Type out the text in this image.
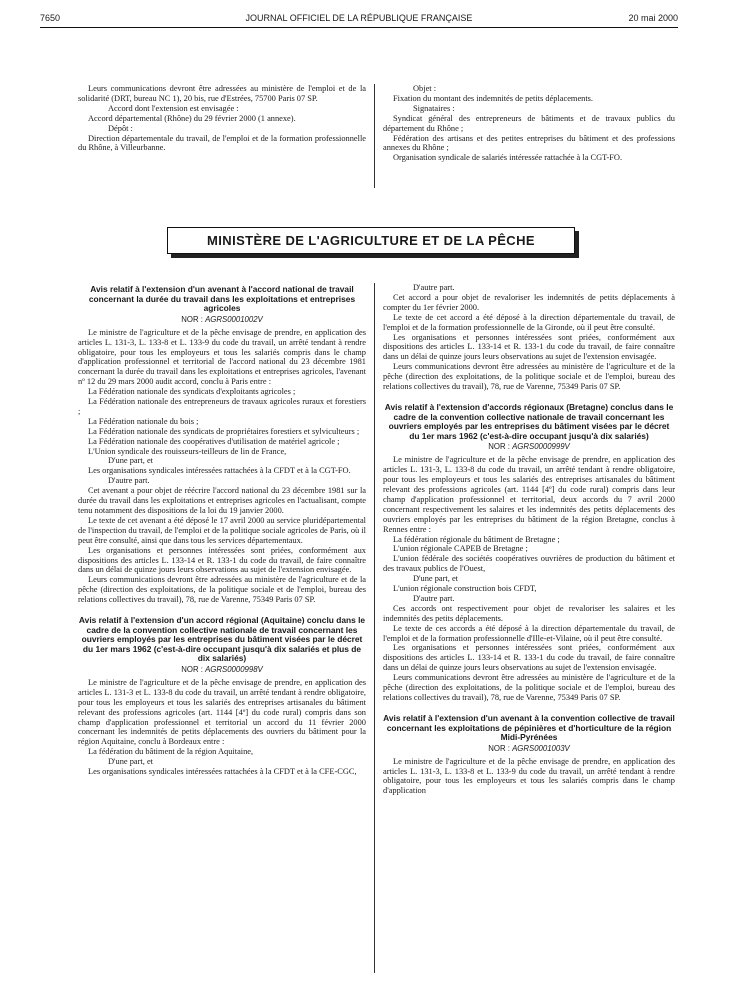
7650	JOURNAL OFFICIEL DE LA RÉPUBLIQUE FRANÇAISE	20 mai 2000

Leurs communications devront être adressées au ministère de l'emploi et de la solidarité (DRT, bureau NC 1), 20 bis, rue d'Estrées, 75700 Paris 07 SP.

Accord dont l'extension est envisagée :

Accord départemental (Rhône) du 29 février 2000 (1 annexe).

Dépôt :

Direction départementale du travail, de l'emploi et de la formation professionnelle du Rhône, à Villeurbanne.

Objet :

Fixation du montant des indemnités de petits déplacements.

Signataires :

Syndicat général des entrepreneurs de bâtiments et de travaux publics du département du Rhône ;

Fédération des artisans et des petites entreprises du bâtiment et des professions annexes du Rhône ;

Organisation syndicale de salariés intéressée rattachée à la CGT-FO.

MINISTÈRE DE L'AGRICULTURE ET DE LA PÊCHE
Avis relatif à l'extension d'un avenant à l'accord national de travail concernant la durée du travail dans les exploitations et entreprises agricoles
NOR : AGRS0001002V

Le ministre de l'agriculture et de la pêche envisage de prendre, en application des articles L. 131-3, L. 133-8 et L. 133-9 du code du travail, un arrêté tendant à rendre obligatoire, pour tous les employeurs et tous les salariés compris dans le champ d'application professionnel et territorial de l'accord national du 23 décembre 1981 concernant la durée du travail dans les exploitations et entreprises agricoles, l'avenant nº 12 du 29 mars 2000 audit accord, conclu à Paris entre :

La Fédération nationale des syndicats d'exploitants agricoles ;

La Fédération nationale des entrepreneurs de travaux agricoles ruraux et forestiers ;

La Fédération nationale du bois ;

La Fédération nationale des syndicats de propriétaires forestiers et sylviculteurs ;

La Fédération nationale des coopératives d'utilisation de matériel agricole ;

L'Union syndicale des rouisseurs-teilleurs de lin de France,

D'une part, et

Les organisations syndicales intéressées rattachées à la CFDT et à la CGT-FO.

D'autre part.

Cet avenant a pour objet de réécrire l'accord national du 23 décembre 1981 sur la durée du travail dans les exploitations et entreprises agricoles en l'actualisant, compte tenu notamment des dispositions de la loi du 19 janvier 2000.

Le texte de cet avenant a été déposé le 17 avril 2000 au service pluridépartemental de l'inspection du travail, de l'emploi et de la politique sociale agricoles de Paris, où il peut être consulté, ainsi que dans tous les services départementaux.

Les organisations et personnes intéressées sont priées, conformément aux dispositions des articles L. 133-14 et R. 133-1 du code du travail, de faire connaître dans un délai de quinze jours leurs observations au sujet de l'extension envisagée.

Leurs communications devront être adressées au ministère de l'agriculture et de la pêche (direction des exploitations, de la politique sociale et de l'emploi, bureau des relations collectives du travail), 78, rue de Varenne, 75349 Paris 07 SP.

Avis relatif à l'extension d'un accord régional (Aquitaine) conclu dans le cadre de la convention collective nationale de travail concernant les ouvriers employés par les entreprises du bâtiment visées par le décret du 1er mars 1962 (c'est-à-dire occupant jusqu'à dix salariés et plus de dix salariés)
NOR : AGRS0000998V

Le ministre de l'agriculture et de la pêche envisage de prendre, en application des articles L. 131-3 et L. 133-8 du code du travail, un arrêté tendant à rendre obligatoire, pour tous les employeurs et tous les salariés des entreprises artisanales du bâtiment relevant des professions agricoles (art. 1144 [4º] du code rural) compris dans son champ d'application professionnel et territorial un accord du 11 février 2000 concernant les indemnités de petits déplacements des ouvriers du bâtiment pour la région Aquitaine, conclu à Bordeaux entre :

La fédération du bâtiment de la région Aquitaine,

D'une part, et

Les organisations syndicales intéressées rattachées à la CFDT et à la CFE-CGC,

D'autre part.

Cet accord a pour objet de revaloriser les indemnités de petits déplacements à compter du 1er février 2000.

Le texte de cet accord a été déposé à la direction départementale du travail, de l'emploi et de la formation professionnelle de la Gironde, où il peut être consulté.

Les organisations et personnes intéressées sont priées, conformément aux dispositions des articles L. 133-14 et R. 133-1 du code du travail, de faire connaître dans un délai de quinze jours leurs observations au sujet de l'extension envisagée.

Leurs communications devront être adressées au ministère de l'agriculture et de la pêche (direction des exploitations, de la politique sociale et de l'emploi, bureau des relations collectives du travail), 78, rue de Varenne, 75349 Paris 07 SP.

Avis relatif à l'extension d'accords régionaux (Bretagne) conclus dans le cadre de la convention collective nationale de travail concernant les ouvriers employés par les entreprises du bâtiment visées par le décret du 1er mars 1962 (c'est-à-dire occupant jusqu'à dix salariés)
NOR : AGRS0000999V

Le ministre de l'agriculture et de la pêche envisage de prendre, en application des articles L. 131-3, L. 133-8 du code du travail, un arrêté tendant à rendre obligatoire, pour tous les employeurs et tous les salariés des entreprises artisanales du bâtiment relevant des professions agricoles (art. 1144 [4º] du code rural) compris dans leur champ d'application professionnel et territorial, deux accords du 7 avril 2000 concernant respectivement les salaires et les indemnités des petits déplacements des ouvriers employés par les entreprises du bâtiment de la région Bretagne, conclus à Rennes entre :

La fédération régionale du bâtiment de Bretagne ;

L'union régionale CAPEB de Bretagne ;

L'union fédérale des sociétés coopératives ouvrières de production du bâtiment et des travaux publics de l'Ouest,

D'une part, et

L'union régionale construction bois CFDT,

D'autre part.

Ces accords ont respectivement pour objet de revaloriser les salaires et les indemnités des petits déplacements.

Le texte de ces accords a été déposé à la direction départementale du travail, de l'emploi et de la formation professionnelle d'Ille-et-Vilaine, où il peut être consulté.

Les organisations et personnes intéressées sont priées, conformément aux dispositions des articles L. 133-14 et R. 133-1 du code du travail, de faire connaître dans un délai de quinze jours leurs observations au sujet de l'extension envisagée.

Leurs communications devront être adressées au ministère de l'agriculture et de la pêche (direction des exploitations, de la politique sociale et de l'emploi, bureau des relations collectives du travail), 78, rue de Varenne, 75349 Paris 07 SP.

Avis relatif à l'extension d'un avenant à la convention collective de travail concernant les exploitations de pépinières et d'horticulture de la région Midi-Pyrénées
NOR : AGRS0001003V

Le ministre de l'agriculture et de la pêche envisage de prendre, en application des articles L. 131-3, L. 133-8 et L. 133-9 du code du travail, un arrêté tendant à rendre obligatoire, pour tous les employeurs et tous les salariés compris dans le champ d'application
